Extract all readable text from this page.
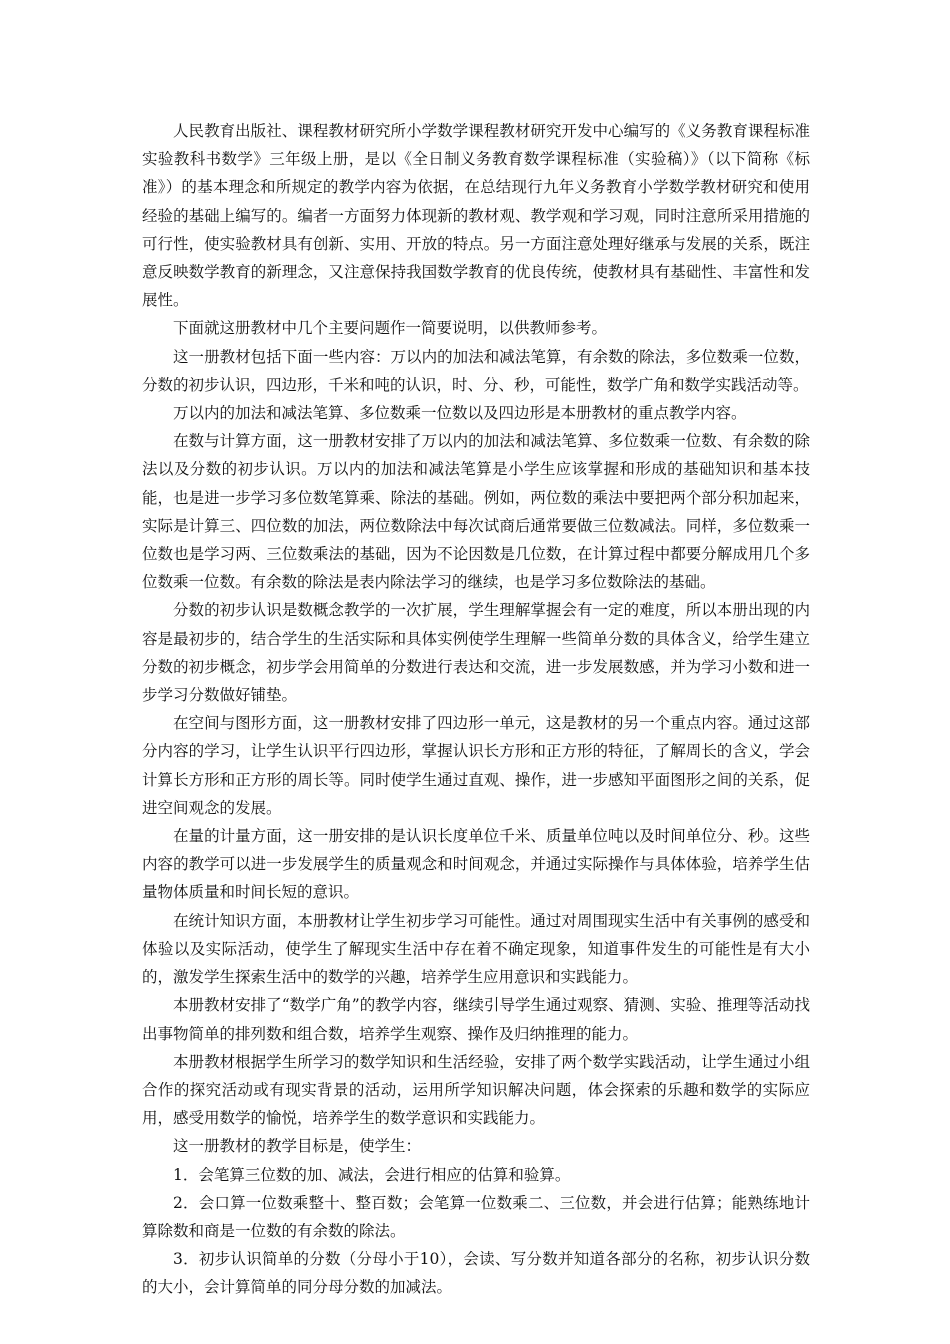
人民教育出版社、课程教材研究所小学数学课程教材研究开发中心编写的《义务教育课程标准实验教科书数学》三年级上册，是以《全日制义务教育数学课程标准（实验稿）》（以下简称《标准》）的基本理念和所规定的教学内容为依据，在总结现行九年义务教育小学数学教材研究和使用经验的基础上编写的。编者一方面努力体现新的教材观、教学观和学习观，同时注意所采用措施的可行性，使实验教材具有创新、实用、开放的特点。另一方面注意处理好继承与发展的关系，既注意反映数学教育的新理念，又注意保持我国数学教育的优良传统，使教材具有基础性、丰富性和发展性。

下面就这册教材中几个主要问题作一简要说明，以供教师参考。

这一册教材包括下面一些内容：万以内的加法和减法笔算，有余数的除法，多位数乘一位数，分数的初步认识，四边形，千米和吨的认识，时、分、秒，可能性，数学广角和数学实践活动等。

万以内的加法和减法笔算、多位数乘一位数以及四边形是本册教材的重点教学内容。

在数与计算方面，这一册教材安排了万以内的加法和减法笔算、多位数乘一位数、有余数的除法以及分数的初步认识。万以内的加法和减法笔算是小学生应该掌握和形成的基础知识和基本技能，也是进一步学习多位数笔算乘、除法的基础。例如，两位数的乘法中要把两个部分积加起来，实际是计算三、四位数的加法，两位数除法中每次试商后通常要做三位数减法。同样，多位数乘一位数也是学习两、三位数乘法的基础，因为不论因数是几位数，在计算过程中都要分解成用几个多位数乘一位数。有余数的除法是表内除法学习的继续，也是学习多位数除法的基础。

分数的初步认识是数概念教学的一次扩展，学生理解掌握会有一定的难度，所以本册出现的内容是最初步的，结合学生的生活实际和具体实例使学生理解一些简单分数的具体含义，给学生建立分数的初步概念，初步学会用简单的分数进行表达和交流，进一步发展数感，并为学习小数和进一步学习分数做好铺垫。

在空间与图形方面，这一册教材安排了四边形一单元，这是教材的另一个重点内容。通过这部分内容的学习，让学生认识平行四边形，掌握认识长方形和正方形的特征，了解周长的含义，学会计算长方形和正方形的周长等。同时使学生通过直观、操作，进一步感知平面图形之间的关系，促进空间观念的发展。

在量的计量方面，这一册安排的是认识长度单位千米、质量单位吨以及时间单位分、秒。这些内容的教学可以进一步发展学生的质量观念和时间观念，并通过实际操作与具体体验，培养学生估量物体质量和时间长短的意识。

在统计知识方面，本册教材让学生初步学习可能性。通过对周围现实生活中有关事例的感受和体验以及实际活动，使学生了解现实生活中存在着不确定现象，知道事件发生的可能性是有大小的，激发学生探索生活中的数学的兴趣，培养学生应用意识和实践能力。

本册教材安排了“数学广角”的教学内容，继续引导学生通过观察、猜测、实验、推理等活动找出事物简单的排列数和组合数，培养学生观察、操作及归纳推理的能力。

本册教材根据学生所学习的数学知识和生活经验，安排了两个数学实践活动，让学生通过小组合作的探究活动或有现实背景的活动，运用所学知识解决问题，体会探索的乐趣和数学的实际应用，感受用数学的愉悦，培养学生的数学意识和实践能力。

这一册教材的教学目标是，使学生：

1．会笔算三位数的加、减法，会进行相应的估算和验算。

2．会口算一位数乘整十、整百数；会笔算一位数乘二、三位数，并会进行估算；能熟练地计算除数和商是一位数的有余数的除法。

3．初步认识简单的分数（分母小于10），会读、写分数并知道各部分的名称，初步认识分数的大小，会计算简单的同分母分数的加减法。
